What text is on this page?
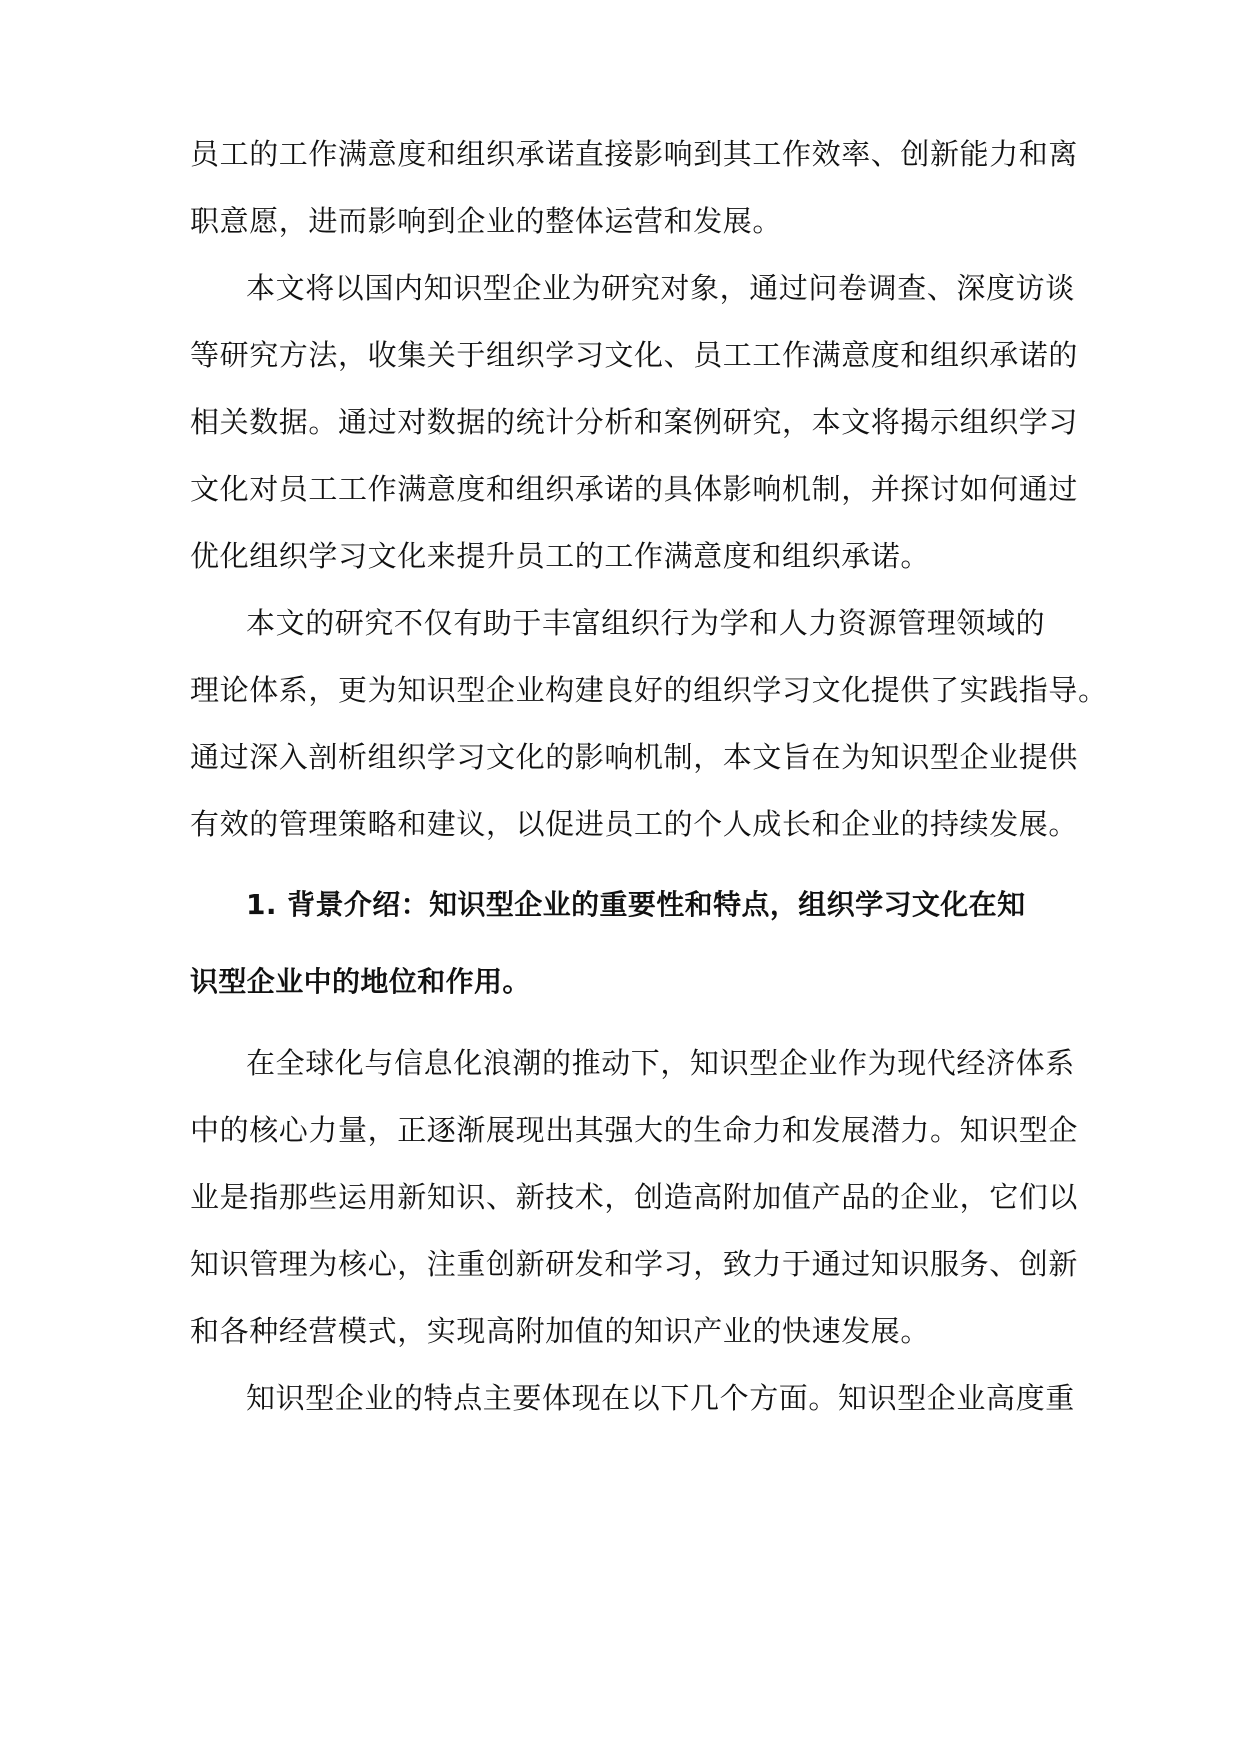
员工的工作满意度和组织承诺直接影响到其工作效率、创新能力和离
职意愿，进而影响到企业的整体运营和发展。
本文将以国内知识型企业为研究对象，通过问卷调查、深度访谈
等研究方法，收集关于组织学习文化、员工工作满意度和组织承诺的
相关数据。通过对数据的统计分析和案例研究，本文将揭示组织学习
文化对员工工作满意度和组织承诺的具体影响机制，并探讨如何通过
优化组织学习文化来提升员工的工作满意度和组织承诺。
本文的研究不仅有助于丰富组织行为学和人力资源管理领域的
理论体系，更为知识型企业构建良好的组织学习文化提供了实践指导。
通过深入剖析组织学习文化的影响机制，本文旨在为知识型企业提供
有效的管理策略和建议，以促进员工的个人成长和企业的持续发展。
1. 背景介绍：知识型企业的重要性和特点，组织学习文化在知
识型企业中的地位和作用。
在全球化与信息化浪潮的推动下，知识型企业作为现代经济体系
中的核心力量，正逐渐展现出其强大的生命力和发展潜力。知识型企
业是指那些运用新知识、新技术，创造高附加值产品的企业，它们以
知识管理为核心，注重创新研发和学习，致力于通过知识服务、创新
和各种经营模式，实现高附加值的知识产业的快速发展。
知识型企业的特点主要体现在以下几个方面。知识型企业高度重
